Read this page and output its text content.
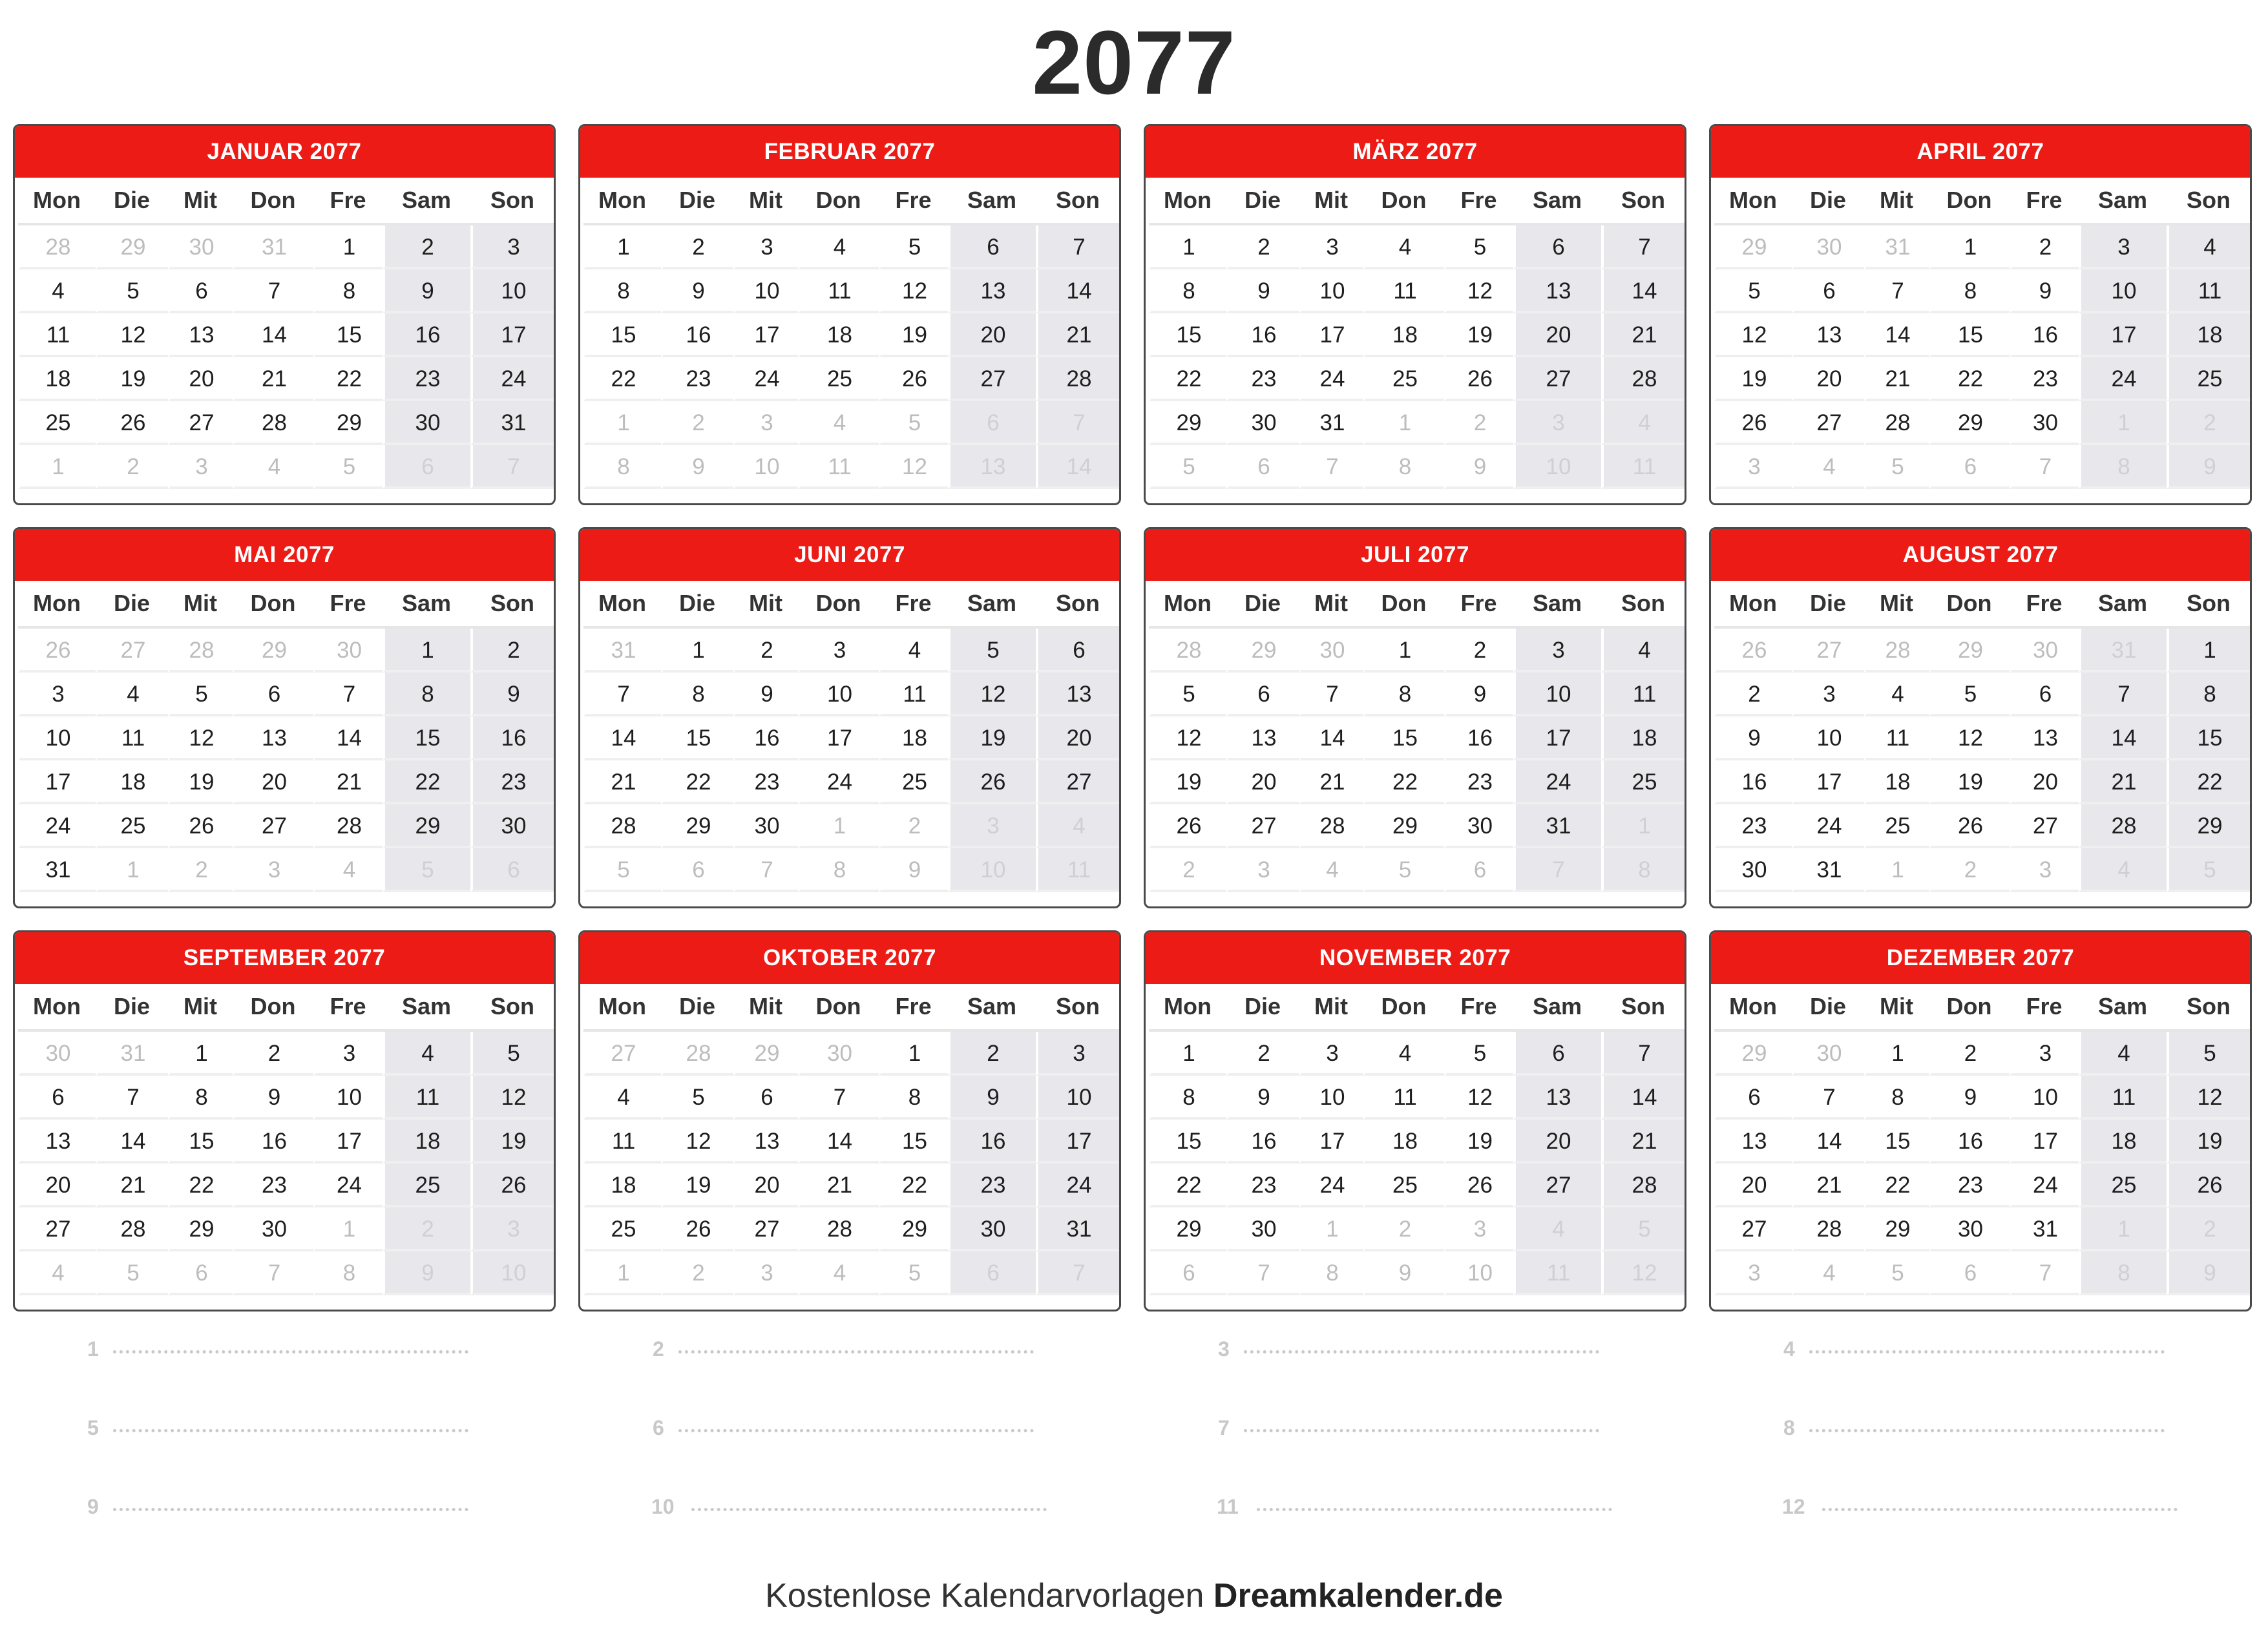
2077
JANUAR 2077
Mon	Die	Mit	Don	Fre	Sam	Son
28	29	30	31	1	2	3
4	5	6	7	8	9	10
11	12	13	14	15	16	17
18	19	20	21	22	23	24
25	26	27	28	29	30	31
1	2	3	4	5	6	7
FEBRUAR 2077
Mon	Die	Mit	Don	Fre	Sam	Son
1	2	3	4	5	6	7
8	9	10	11	12	13	14
15	16	17	18	19	20	21
22	23	24	25	26	27	28
1	2	3	4	5	6	7
8	9	10	11	12	13	14
MÄRZ 2077
Mon	Die	Mit	Don	Fre	Sam	Son
1	2	3	4	5	6	7
8	9	10	11	12	13	14
15	16	17	18	19	20	21
22	23	24	25	26	27	28
29	30	31	1	2	3	4
5	6	7	8	9	10	11
APRIL 2077
Mon	Die	Mit	Don	Fre	Sam	Son
29	30	31	1	2	3	4
5	6	7	8	9	10	11
12	13	14	15	16	17	18
19	20	21	22	23	24	25
26	27	28	29	30	1	2
3	4	5	6	7	8	9
MAI 2077
Mon	Die	Mit	Don	Fre	Sam	Son
26	27	28	29	30	1	2
3	4	5	6	7	8	9
10	11	12	13	14	15	16
17	18	19	20	21	22	23
24	25	26	27	28	29	30
31	1	2	3	4	5	6
JUNI 2077
Mon	Die	Mit	Don	Fre	Sam	Son
31	1	2	3	4	5	6
7	8	9	10	11	12	13
14	15	16	17	18	19	20
21	22	23	24	25	26	27
28	29	30	1	2	3	4
5	6	7	8	9	10	11
JULI 2077
Mon	Die	Mit	Don	Fre	Sam	Son
28	29	30	1	2	3	4
5	6	7	8	9	10	11
12	13	14	15	16	17	18
19	20	21	22	23	24	25
26	27	28	29	30	31	1
2	3	4	5	6	7	8
AUGUST 2077
Mon	Die	Mit	Don	Fre	Sam	Son
26	27	28	29	30	31	1
2	3	4	5	6	7	8
9	10	11	12	13	14	15
16	17	18	19	20	21	22
23	24	25	26	27	28	29
30	31	1	2	3	4	5
SEPTEMBER 2077
Mon	Die	Mit	Don	Fre	Sam	Son
30	31	1	2	3	4	5
6	7	8	9	10	11	12
13	14	15	16	17	18	19
20	21	22	23	24	25	26
27	28	29	30	1	2	3
4	5	6	7	8	9	10
OKTOBER 2077
Mon	Die	Mit	Don	Fre	Sam	Son
27	28	29	30	1	2	3
4	5	6	7	8	9	10
11	12	13	14	15	16	17
18	19	20	21	22	23	24
25	26	27	28	29	30	31
1	2	3	4	5	6	7
NOVEMBER 2077
Mon	Die	Mit	Don	Fre	Sam	Son
1	2	3	4	5	6	7
8	9	10	11	12	13	14
15	16	17	18	19	20	21
22	23	24	25	26	27	28
29	30	1	2	3	4	5
6	7	8	9	10	11	12
DEZEMBER 2077
Mon	Die	Mit	Don	Fre	Sam	Son
29	30	1	2	3	4	5
6	7	8	9	10	11	12
13	14	15	16	17	18	19
20	21	22	23	24	25	26
27	28	29	30	31	1	2
3	4	5	6	7	8	9
1	2	3	4
5	6	7	8
9	10	11	12
Kostenlose Kalendarvorlagen Dreamkalender.de
